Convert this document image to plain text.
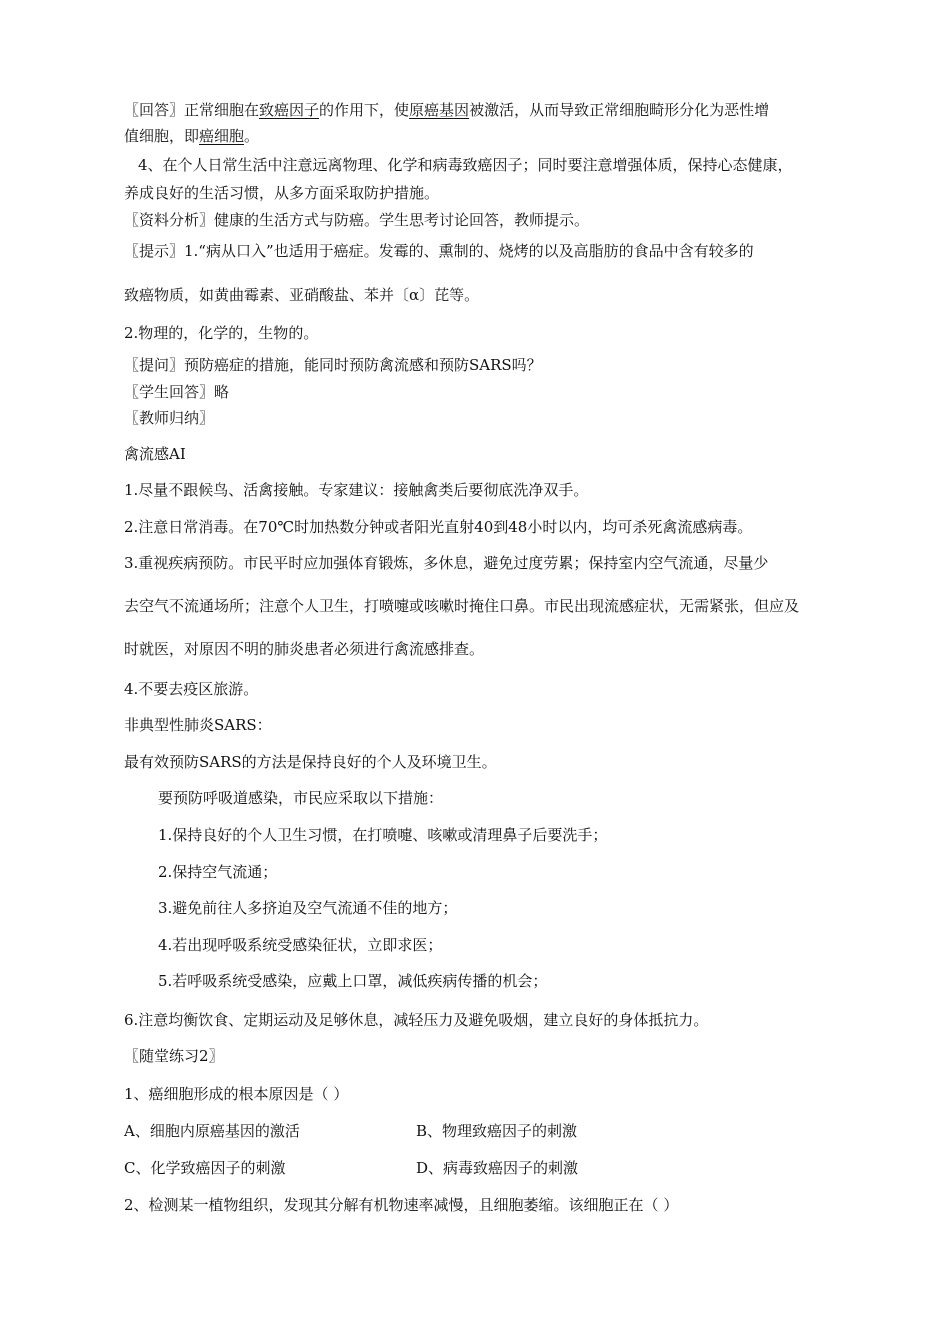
〖回答〗正常细胞在致癌因子的作用下，使原癌基因被激活，从而导致正常细胞畸形分化为恶性增
值细胞，即癌细胞。
4、在个人日常生活中注意远离物理、化学和病毒致癌因子；同时要注意增强体质，保持心态健康，
养成良好的生活习惯，从多方面采取防护措施。
〖资料分析〗健康的生活方式与防癌。学生思考讨论回答，教师提示。
〖提示〗1.“病从口入”也适用于癌症。发霉的、熏制的、烧烤的以及高脂肪的食品中含有较多的
致癌物质，如黄曲霉素、亚硝酸盐、苯并〔α〕芘等。
2.物理的，化学的，生物的。
〖提问〗预防癌症的措施，能同时预防禽流感和预防SARS吗？
〖学生回答〗略
〖教师归纳〗
禽流感AI
1.尽量不跟候鸟、活禽接触。专家建议：接触禽类后要彻底洗净双手。
2.注意日常消毒。在70℃时加热数分钟或者阳光直射40到48小时以内，均可杀死禽流感病毒。
3.重视疾病预防。市民平时应加强体育锻炼，多休息，避免过度劳累；保持室内空气流通，尽量少
去空气不流通场所；注意个人卫生，打喷嚏或咳嗽时掩住口鼻。市民出现流感症状，无需紧张，但应及
时就医，对原因不明的肺炎患者必须进行禽流感排查。
4.不要去疫区旅游。
非典型性肺炎SARS：
最有效预防SARS的方法是保持良好的个人及环境卫生。
要预防呼吸道感染，市民应采取以下措施：
1.保持良好的个人卫生习惯，在打喷嚏、咳嗽或清理鼻子后要洗手；
2.保持空气流通；
3.避免前往人多挤迫及空气流通不佳的地方；
4.若出现呼吸系统受感染征状，立即求医；
5.若呼吸系统受感染，应戴上口罩，减低疾病传播的机会；
6.注意均衡饮食、定期运动及足够休息，减轻压力及避免吸烟，建立良好的身体抵抗力。
〖随堂练习2〗
1、癌细胞形成的根本原因是（ ）
A、细胞内原癌基因的激活	B、物理致癌因子的刺激
C、化学致癌因子的刺激	D、病毒致癌因子的刺激
2、检测某一植物组织，发现其分解有机物速率减慢，且细胞萎缩。该细胞正在（ ）
